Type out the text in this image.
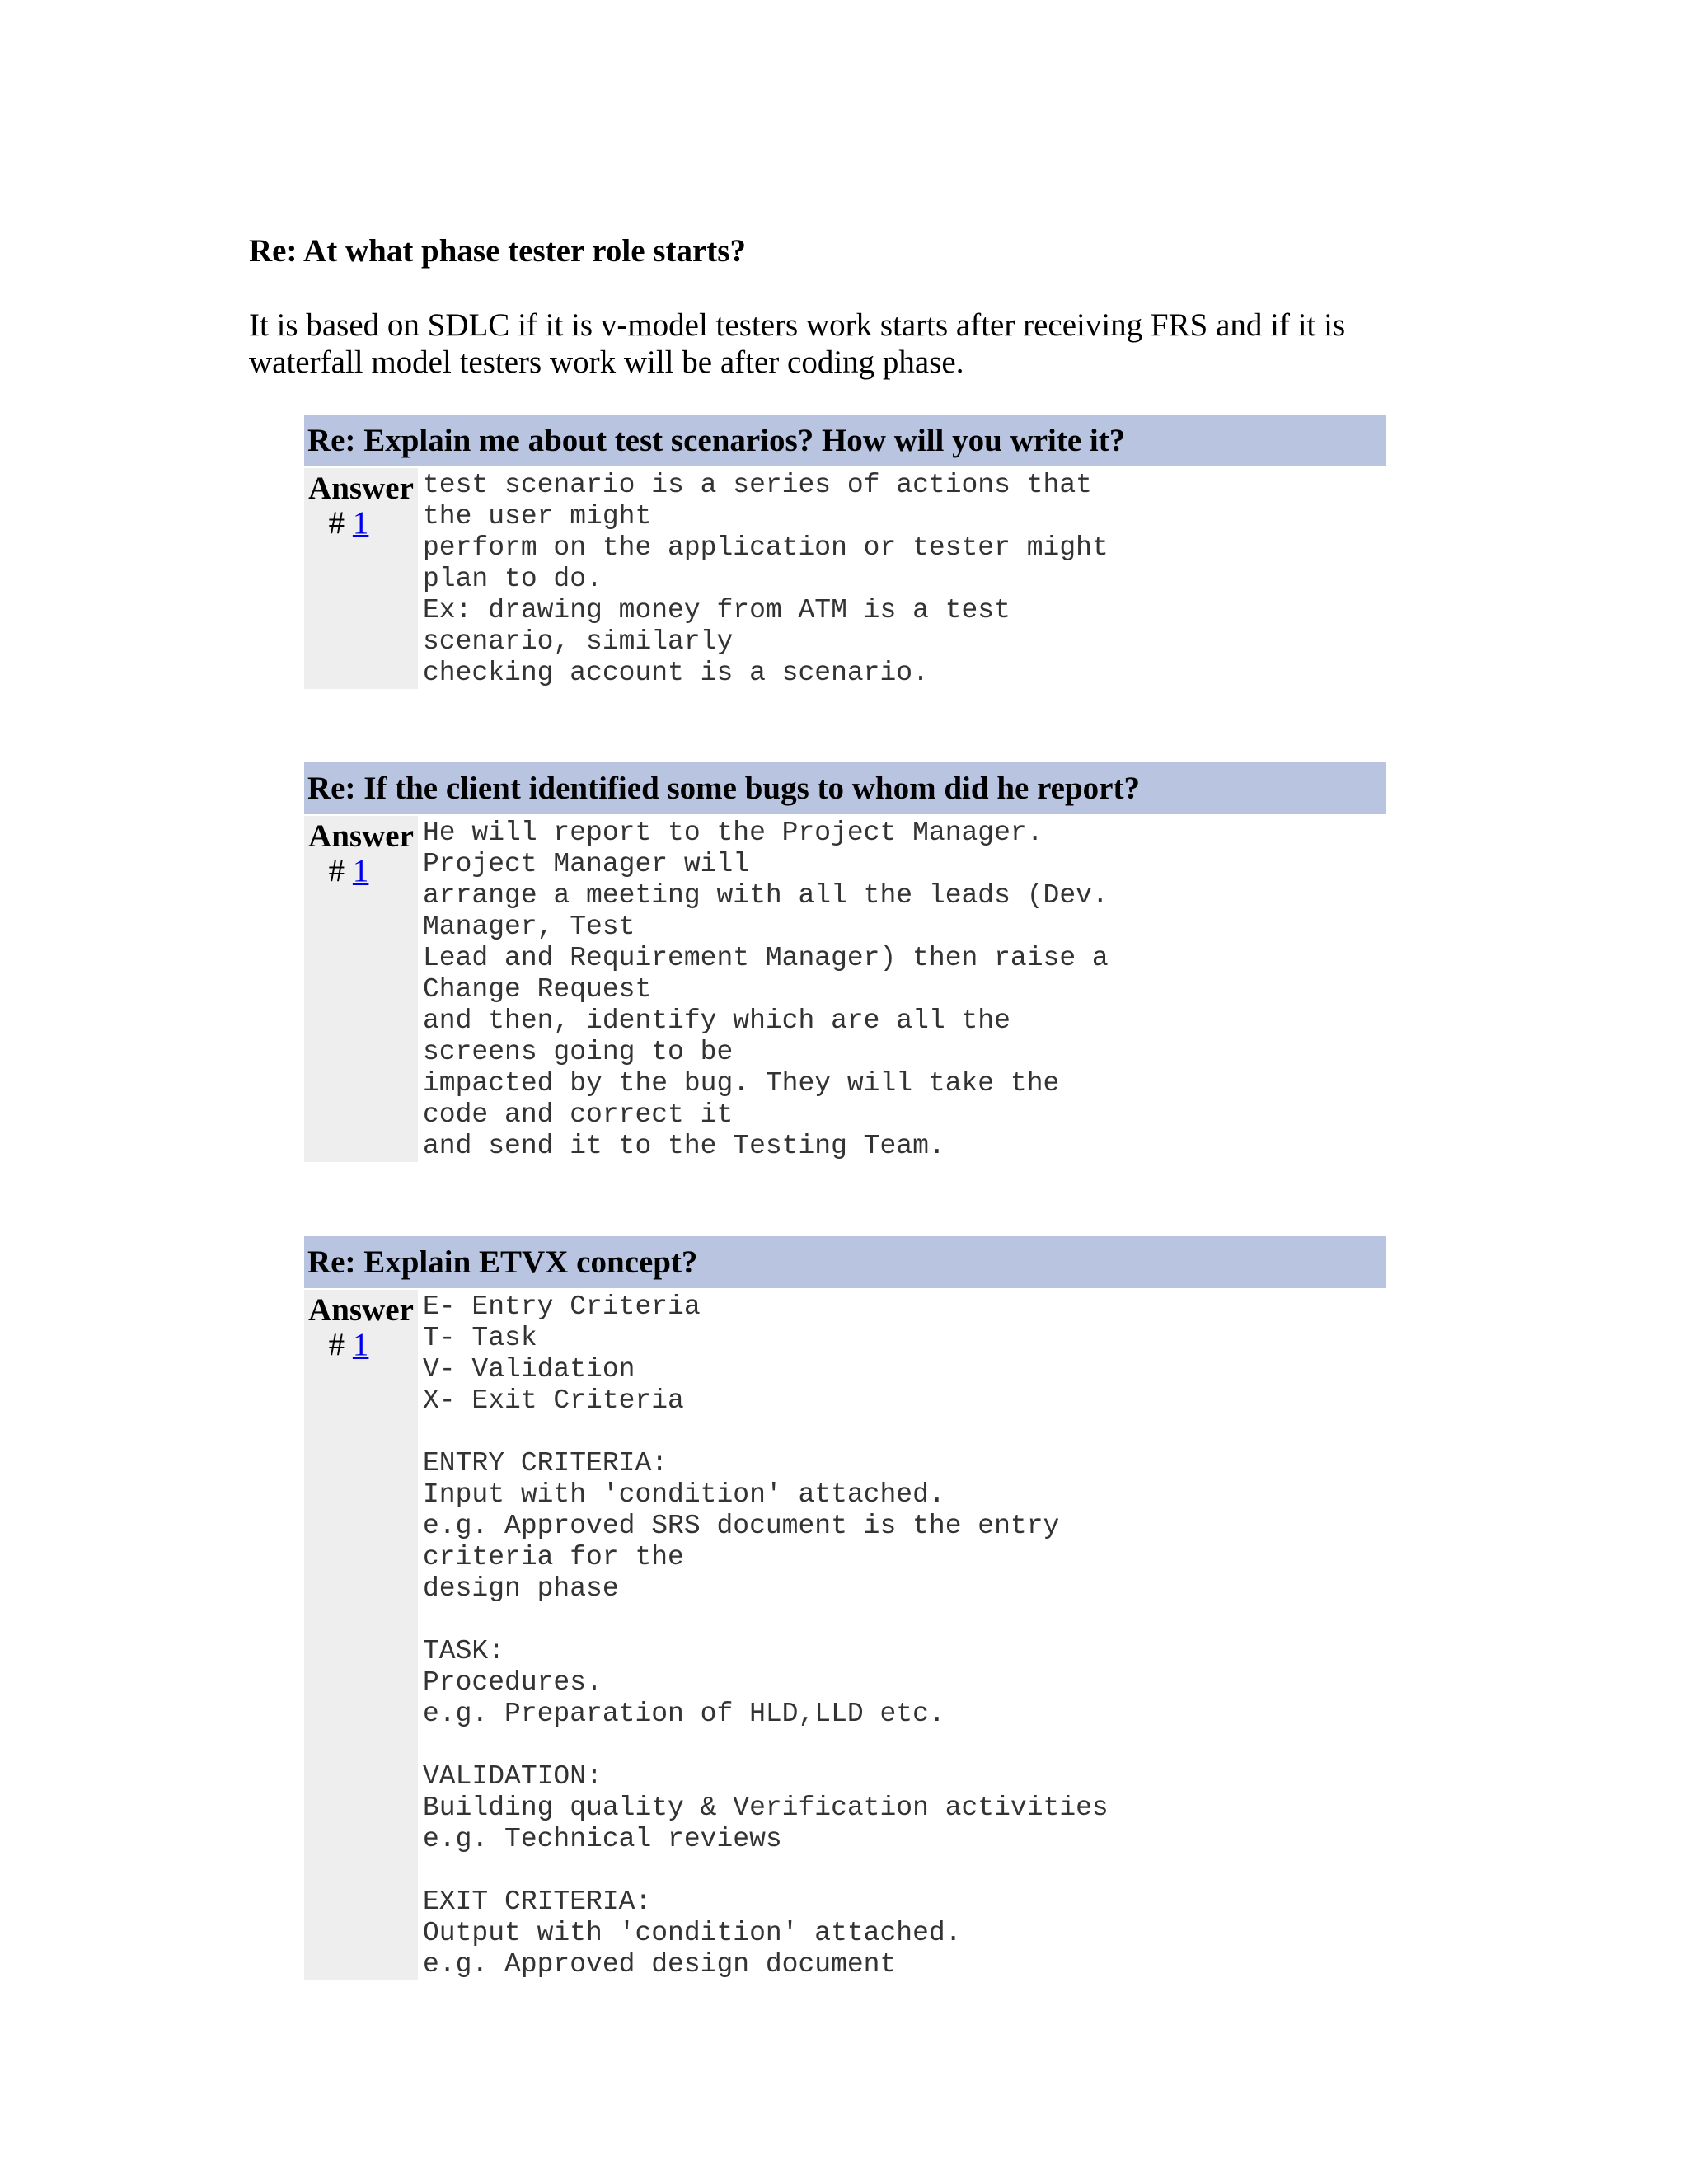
Re: At what phase tester role starts?

It is based on SDLC if it is v-model testers work starts after receiving FRS and if it is
waterfall model testers work will be after coding phase.

Re: Explain me about test scenarios? How will you write it?
Answer
# 1
test scenario is a series of actions that
the user might
perform on the application or tester might
plan to do.
Ex: drawing money from ATM is a test
scenario, similarly
checking account is a scenario.
Re: If the client identified some bugs to whom did he report?
Answer
# 1
He will report to the Project Manager.
Project Manager will
arrange a meeting with all the leads (Dev.
Manager, Test
Lead and Requirement Manager) then raise a
Change Request
and then, identify which are all the
screens going to be
impacted by the bug. They will take the
code and correct it
and send it to the Testing Team.
Re: Explain ETVX concept?
Answer
# 1
E- Entry Criteria
T- Task
V- Validation
X- Exit Criteria

ENTRY CRITERIA:
Input with 'condition' attached.
e.g. Approved SRS document is the entry
criteria for the
design phase

TASK:
Procedures.
e.g. Preparation of HLD,LLD etc.

VALIDATION:
Building quality & Verification activities
e.g. Technical reviews

EXIT CRITERIA:
Output with 'condition' attached.
e.g. Approved design document
